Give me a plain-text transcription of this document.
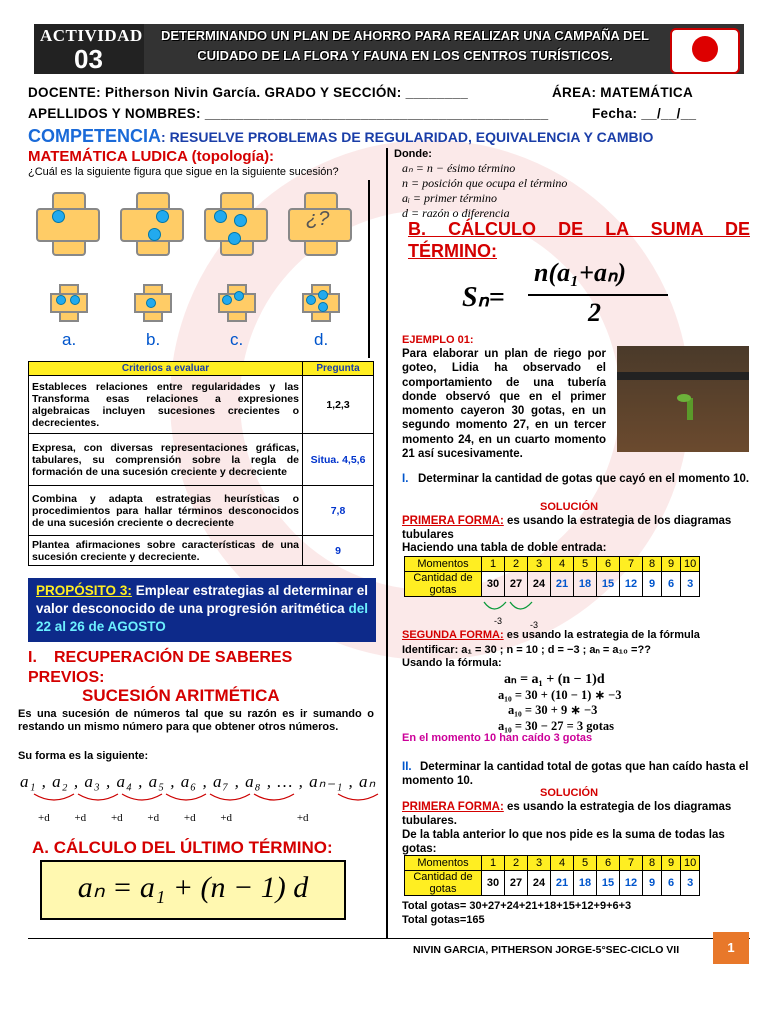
ACTIVIDAD
03
DETERMINANDO UN PLAN DE AHORRO PARA REALIZAR UNA CAMPAÑA DEL CUIDADO DE LA FLORA Y FAUNA EN LOS CENTROS TURÍSTICOS.
DOCENTE: Pitherson Nivin García. GRADO Y SECCIÓN: ________	ÁREA: MATEMÁTICA
APELLIDOS Y NOMBRES: ____________________________________________	Fecha: __/__/__
COMPETENCIA: RESUELVE PROBLEMAS DE REGULARIDAD, EQUIVALENCIA Y CAMBIO
MATEMÁTICA LUDICA (topología):
¿Cuál es la siguiente figura que sigue en la siguiente sucesión?
¿?
a.	b.	c.	d.
Criterios a evaluar	Pregunta
Estableces relaciones entre regularidades y las Transforma esas relaciones a expresiones algebraicas incluyen sucesiones crecientes o decrecientes.	1,2,3
Expresa, con diversas representaciones gráficas, tabulares, su comprensión sobre la regla de formación de una sucesión creciente y decreciente	Situa. 4,5,6
Combina y adapta estrategias heurísticas o procedimientos para hallar términos desconocidos de una sucesión creciente o decreciente	7,8
Plantea afirmaciones sobre características de una sucesión creciente y decreciente.	9
PROPÓSITO 3: Emplear estrategias al determinar el valor desconocido de una progresión aritmética del 22 al 26 de AGOSTO
I. RECUPERACIÓN DE SABERES PREVIOS:
SUCESIÓN ARITMÉTICA
Es una sucesión de números tal que su razón es ir sumando o restando un mismo número para que obtener otros números.
Su forma es la siguiente:
a₁ , a₂ , a₃ , a₄ , a₅ , a₆ , a₇ , a₈ , … , aₙ₋₁ , aₙ
+d +d +d +d +d +d	+d
A. CÁLCULO DEL ÚLTIMO TÉRMINO:
aₙ = a₁ + (n − 1) d
Donde:
aₙ = n − ésimo término
n = posición que ocupa el término
aᵢ = primer término
d = razón o diferencia
B. CÁLCULO DE LA SUMA DE TÉRMINO:
Sₙ=
n(a₁+aₙ)
2
EJEMPLO 01:
Para elaborar un plan de riego por goteo, Lidia ha observado el comportamiento de una tubería donde observó que en el primer momento cayeron 30 gotas, en un segundo momento 27, en un tercer momento 24, en un cuarto momento 21 así sucesivamente.
I. Determinar la cantidad de gotas que cayó en el momento 10.
SOLUCIÓN
PRIMERA FORMA: es usando la estrategia de los diagramas tubulares
Haciendo una tabla de doble entrada:
Momentos	1	2	3	4	5	6	7	8	9	10
Cantidad de gotas	30	27	24	21	18	15	12	9	6	3
-3	-3
SEGUNDA FORMA: es usando la estrategia de la fórmula
Identificar: a₁ = 30 ; n = 10 ; d = −3 ; aₙ = a₁₀ =??
Usando la fórmula:
aₙ = a₁ + (n − 1)d
a₁₀ = 30 + (10 − 1) ∗ −3
a₁₀ = 30 + 9 ∗ −3
a₁₀ = 30 − 27 = 3 gotas
En el momento 10 han caído 3 gotas
II. Determinar la cantidad total de gotas que han caído hasta el momento 10.
SOLUCIÓN
PRIMERA FORMA: es usando la estrategia de los diagramas tubulares.
De la tabla anterior lo que nos pide es la suma de todas las gotas:
Momentos	1	2	3	4	5	6	7	8	9	10
Cantidad de gotas	30	27	24	21	18	15	12	9	6	3
Total gotas= 30+27+24+21+18+15+12+9+6+3
Total gotas=165
NIVIN GARCIA, PITHERSON JORGE-5°SEC-CICLO VII	1
